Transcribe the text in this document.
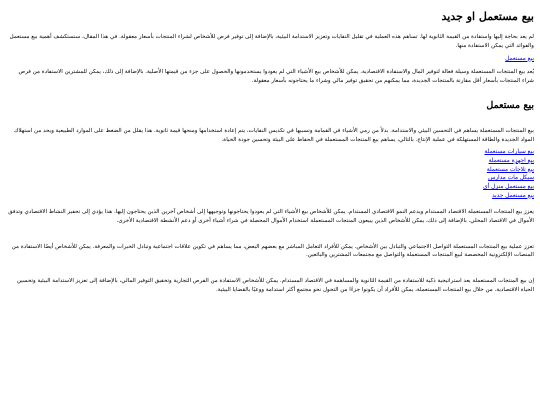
بيع مستعمل او جديد

لم يعد بحاجة إليها واستفادة من القيمة الثانوية لها. تساهم هذه العملية في تقليل النفايات وتعزيز الاستدامة البيئية، بالإضافة إلى توفير فرص للأشخاص لشراء المنتجات بأسعار معقولة. في هذا المقال، سنستكشف أهمية بيع مستعمل والفوائد التي يمكن الاستفادة منها.

بيع مستعمل

يُعد بيع المنتجات المستعملة وسيلة فعالة لتوفير المال والاستفادة الاقتصادية. يمكن للأشخاص بيع الأشياء التي لم يعودوا يستخدمونها والحصول على جزء من قيمتها الأصلية. بالإضافة إلى ذلك، يمكن للمشترين الاستفادة من فرص شراء المنتجات بأسعار أقل مقارنة بالمنتجات الجديدة، مما يمكنهم من تحقيق توفير مالي وشراء ما يحتاجونه بأسعار معقولة.

بيع مستعمل

بيع المنتجات المستعملة يساهم في التحسين البيئي والاستدامة. بدلاً من رمي الأشياء في القمامة وتسببها في تكديس النفايات، يتم إعادة استخدامها ومنحها قيمة ثانوية. هذا يقلل من الضغط على الموارد الطبيعية ويحد من استهلاك المواد الجديدة والطاقة المستهلكة في عملية الإنتاج. بالتالي، يساهم بيع المنتجات المستعملة في الحفاظ على البيئة وتحسين جودة الحياة.

بيع سيارات مستعملة
بيع اجهزة مستعملة
بيع ثلاجات مستعملة
سيكل مات مدارس
بيع مستعمل منزل أي
بيع مستعمل جديد

يعزز بيع المنتجات المستعملة الاقتصاد المستدام ويدعم النمو الاقتصادي المستدام. يمكن للأشخاص بيع الأشياء التي لم يعودوا يحتاجونها وتوجيهها إلى أشخاص آخرين الذين يحتاجون إليها. هذا يؤدي إلى تحفيز النشاط الاقتصادي وتدفق الأموال في الاقتصاد المحلي. بالإضافة إلى ذلك، يمكن للأشخاص الذين يبيعون المنتجات المستعملة استخدام الأموال المحصلة في شراء أشياء أخرى أو دعم الأنشطة الاقتصادية الأخرى.

تعزز عملية بيع المنتجات المستعملة التواصل الاجتماعي والتبادل بين الأشخاص. يمكن للأفراد التعامل المباشر مع بعضهم البعض، مما يساهم في تكوين علاقات اجتماعية وتبادل الخبرات والمعرفة. يمكن للأشخاص أيضًا الاستفادة من المنصات الإلكترونية المخصصة لبيع المنتجات المستعملة والتواصل مع مجتمعات المشترين والبائعين.

إن بيع المنتجات المستعملة يعد استراتيجية ذكية للاستفادة من القيمة الثانوية والمساهمة في الاقتصاد المستدام. يمكن للأشخاص الاستفادة من الفرص التجارية وتحقيق التوفير المالي، بالإضافة إلى تعزيز الاستدامة البيئية وتحسين الحياة الاقتصادية. من خلال بيع المنتجات المستعملة، يمكن للأفراد أن يكونوا جزءًا من التحول نحو مجتمع أكثر استدامة ووعيًا بالقضايا البيئية.
